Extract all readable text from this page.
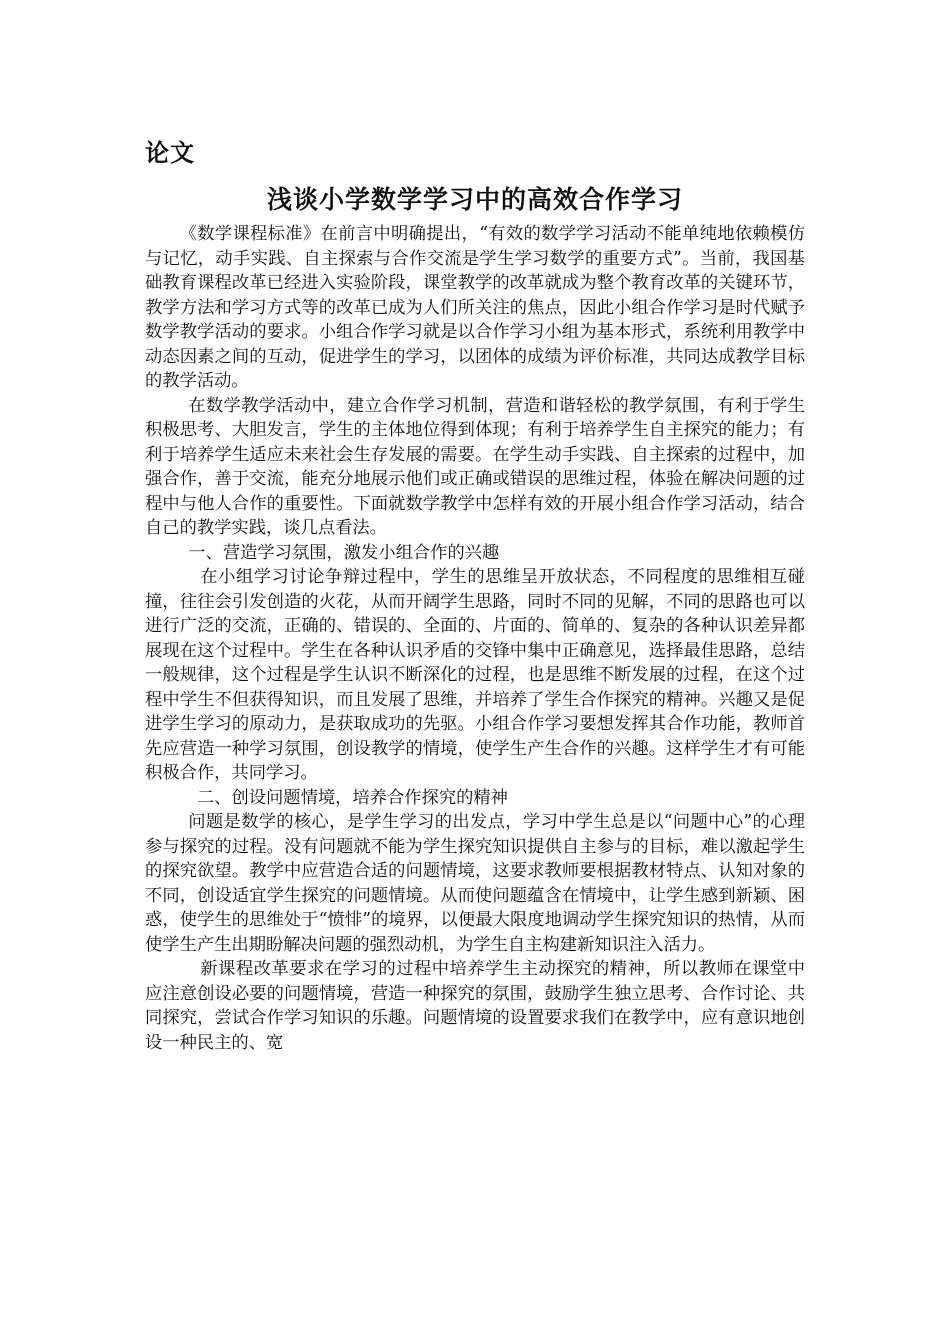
论文
浅谈小学数学学习中的高效合作学习

《数学课程标准》在前言中明确提出，“有效的数学学习活动不能单纯地依赖模仿与记忆，动手实践、自主探索与合作交流是学生学习数学的重要方式”。当前，我国基础教育课程改革已经进入实验阶段，课堂教学的改革就成为整个教育改革的关键环节，教学方法和学习方式等的改革已成为人们所关注的焦点，因此小组合作学习是时代赋予数学教学活动的要求。小组合作学习就是以合作学习小组为基本形式，系统利用教学中动态因素之间的互动，促进学生的学习，以团体的成绩为评价标准，共同达成教学目标的教学活动。

在数学教学活动中，建立合作学习机制，营造和谐轻松的教学氛围，有利于学生积极思考、大胆发言，学生的主体地位得到体现；有利于培养学生自主探究的能力；有利于培养学生适应未来社会生存发展的需要。在学生动手实践、自主探索的过程中，加强合作，善于交流，能充分地展示他们或正确或错误的思维过程，体验在解决问题的过程中与他人合作的重要性。下面就数学教学中怎样有效的开展小组合作学习活动，结合自己的教学实践，谈几点看法。

一、营造学习氛围，激发小组合作的兴趣

在小组学习讨论争辩过程中，学生的思维呈开放状态，不同程度的思维相互碰撞，往往会引发创造的火花，从而开阔学生思路，同时不同的见解，不同的思路也可以进行广泛的交流，正确的、错误的、全面的、片面的、简单的、复杂的各种认识差异都展现在这个过程中。学生在各种认识矛盾的交锋中集中正确意见，选择最佳思路，总结一般规律，这个过程是学生认识不断深化的过程，也是思维不断发展的过程，在这个过程中学生不但获得知识，而且发展了思维，并培养了学生合作探究的精神。兴趣又是促进学生学习的原动力，是获取成功的先驱。小组合作学习要想发挥其合作功能，教师首先应营造一种学习氛围，创设教学的情境，使学生产生合作的兴趣。这样学生才有可能积极合作，共同学习。

二、创设问题情境，培养合作探究的精神

问题是数学的核心，是学生学习的出发点，学习中学生总是以“问题中心”的心理参与探究的过程。没有问题就不能为学生探究知识提供自主参与的目标，难以激起学生的探究欲望。教学中应营造合适的问题情境，这要求教师要根据教材特点、认知对象的不同，创设适宜学生探究的问题情境。从而使问题蕴含在情境中，让学生感到新颖、困惑，使学生的思维处于“愤悱”的境界，以便最大限度地调动学生探究知识的热情，从而使学生产生出期盼解决问题的强烈动机，为学生自主构建新知识注入活力。

新课程改革要求在学习的过程中培养学生主动探究的精神，所以教师在课堂中应注意创设必要的问题情境，营造一种探究的氛围，鼓励学生独立思考、合作讨论、共同探究，尝试合作学习知识的乐趣。问题情境的设置要求我们在教学中，应有意识地创设一种民主的、宽
